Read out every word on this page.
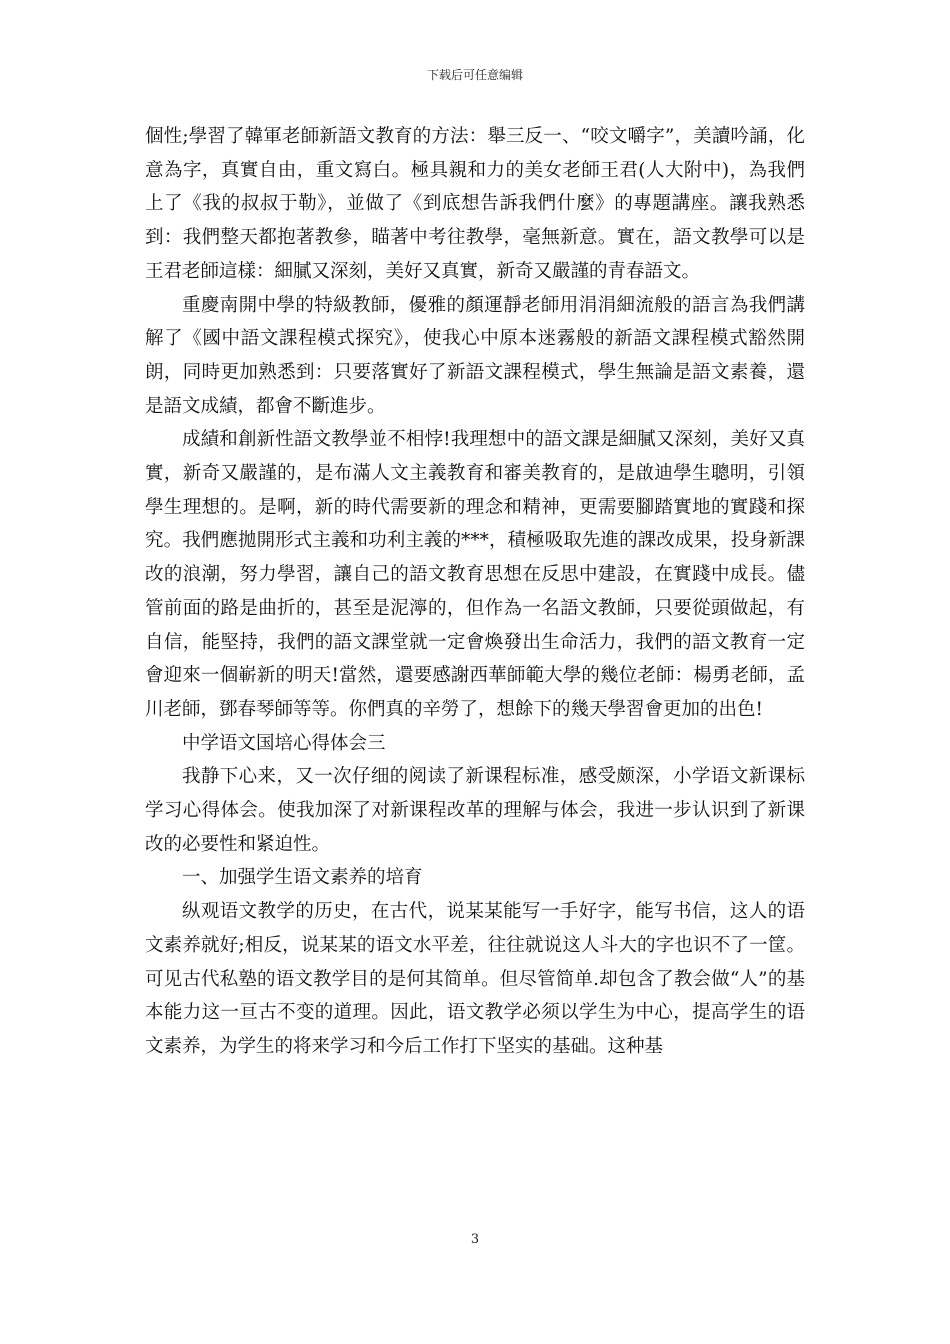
下载后可任意编辑

個性;學習了韓軍老師新語文教育的方法：舉三反一、“咬文嚼字”，美讀吟誦，化意為字，真實自由，重文寫白。極具親和力的美女老師王君(人大附中)，為我們上了《我的叔叔于勒》，並做了《到底想告訴我們什麼》的專題講座。讓我熟悉到：我們整天都抱著教參，瞄著中考往教學，毫無新意。實在，語文教學可以是王君老師這樣：細膩又深刻，美好又真實，新奇又嚴謹的青春語文。

重慶南開中學的特級教師，優雅的顏運靜老師用涓涓細流般的語言為我們講解了《國中語文課程模式探究》，使我心中原本迷霧般的新語文課程模式豁然開朗，同時更加熟悉到：只要落實好了新語文課程模式，學生無論是語文素養，還是語文成績，都會不斷進步。

成績和創新性語文教學並不相悖!我理想中的語文課是細膩又深刻，美好又真實，新奇又嚴謹的，是布滿人文主義教育和審美教育的，是啟迪學生聰明，引領學生理想的。是啊，新的時代需要新的理念和精神，更需要腳踏實地的實踐和探究。我們應拋開形式主義和功利主義的***，積極吸取先進的課改成果，投身新課改的浪潮，努力學習，讓自己的語文教育思想在反思中建設，在實踐中成長。儘管前面的路是曲折的，甚至是泥濘的，但作為一名語文教師，只要從頭做起，有自信，能堅持，我們的語文課堂就一定會煥發出生命活力，我們的語文教育一定會迎來一個嶄新的明天!當然，還要感謝西華師範大學的幾位老師：楊勇老師，孟川老師，鄧春琴師等等。你們真的辛勞了，想餘下的幾天學習會更加的出色!

中学语文国培心得体会三

我静下心来，又一次仔细的阅读了新课程标准，感受颇深，小学语文新课标学习心得体会。使我加深了对新课程改革的理解与体会，我进一步认识到了新课改的必要性和紧迫性。

一、加强学生语文素养的培育

纵观语文教学的历史，在古代，说某某能写一手好字，能写书信，这人的语文素养就好;相反，说某某的语文水平差，往往就说这人斗大的字也识不了一筐。可见古代私塾的语文教学目的是何其简单。但尽管简单.却包含了教会做“人”的基本能力这一亘古不变的道理。因此，语文教学必须以学生为中心，提高学生的语文素养，为学生的将来学习和今后工作打下坚实的基础。这种基

3
